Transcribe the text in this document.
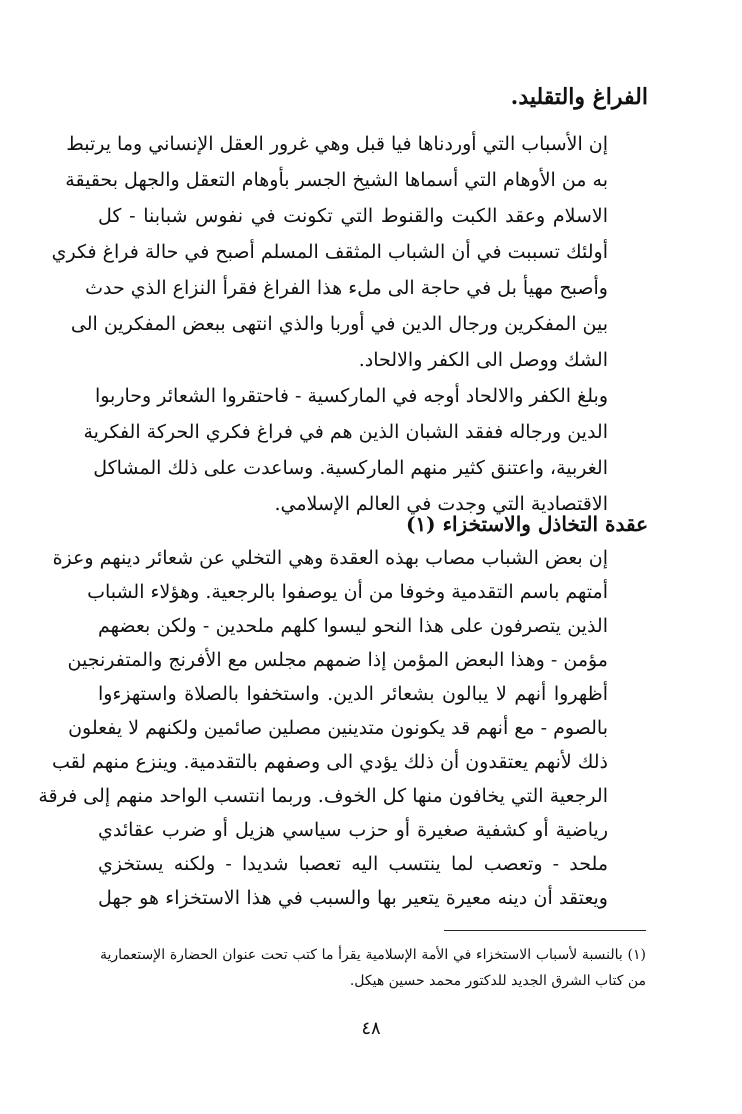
الفراغ والتقليد.
إن الأسباب التي أوردناها فيا قبل وهي غرور العقل الإنساني وما يرتبط
به من الأوهام التي أسماها الشيخ الجسر بأوهام التعقل والجهل بحقيقة
الاسلام وعقد الكبت والقنوط التي تكونت في نفوس شبابنا - كل
أولئك تسببت في أن الشباب المثقف المسلم أصبح في حالة فراغ فكري
وأصبح مهيأ بل في حاجة الى ملء هذا الفراغ فقرأ النزاع الذي حدث
بين المفكرين ورجال الدين في أوربا والذي انتهى ببعض المفكرين الى
الشك ووصل الى الكفر والالحاد.
وبلغ الكفر والالحاد أوجه في الماركسية - فاحتقروا الشعائر وحاربوا
الدين ورجاله ففقد الشبان الذين هم في فراغ فكري الحركة الفكرية
الغربية، واعتنق كثير منهم الماركسية. وساعدت على ذلك المشاكل
الاقتصادية التي وجدت في العالم الإسلامي.
عقدة التخاذل والاستخزاء (١)
إن بعض الشباب مصاب بهذه العقدة وهي التخلي عن شعائر دينهم وعزة
أمتهم باسم التقدمية وخوفا من أن يوصفوا بالرجعية. وهؤلاء الشباب
الذين يتصرفون على هذا النحو ليسوا كلهم ملحدين - ولكن بعضهم
مؤمن - وهذا البعض المؤمن إذا ضمهم مجلس مع الأفرنج والمتفرنجين
أظهروا أنهم لا يبالون بشعائر الدين. واستخفوا بالصلاة واستهزءوا
بالصوم - مع أنهم قد يكونون متدينين مصلين صائمين ولكنهم لا يفعلون
ذلك لأنهم يعتقدون أن ذلك يؤدي الى وصفهم بالتقدمية. وينزع منهم لقب
الرجعية التي يخافون منها كل الخوف. وربما انتسب الواحد منهم إلى فرقة
رياضية أو كشفية صغيرة أو حزب سياسي هزيل أو ضرب عقائدي
ملحد - وتعصب لما ينتسب اليه تعصبا شديدا - ولكنه يستخزي
ويعتقد أن دينه معيرة يتعير بها والسبب في هذا الاستخزاء هو جهل
(١) بالنسبة لأسباب الاستخزاء في الأمة الإسلامية يقرأ ما كتب تحت عنوان الحضارة الإستعمارية
من كتاب الشرق الجديد للدكتور محمد حسين هيكل.
٤٨
